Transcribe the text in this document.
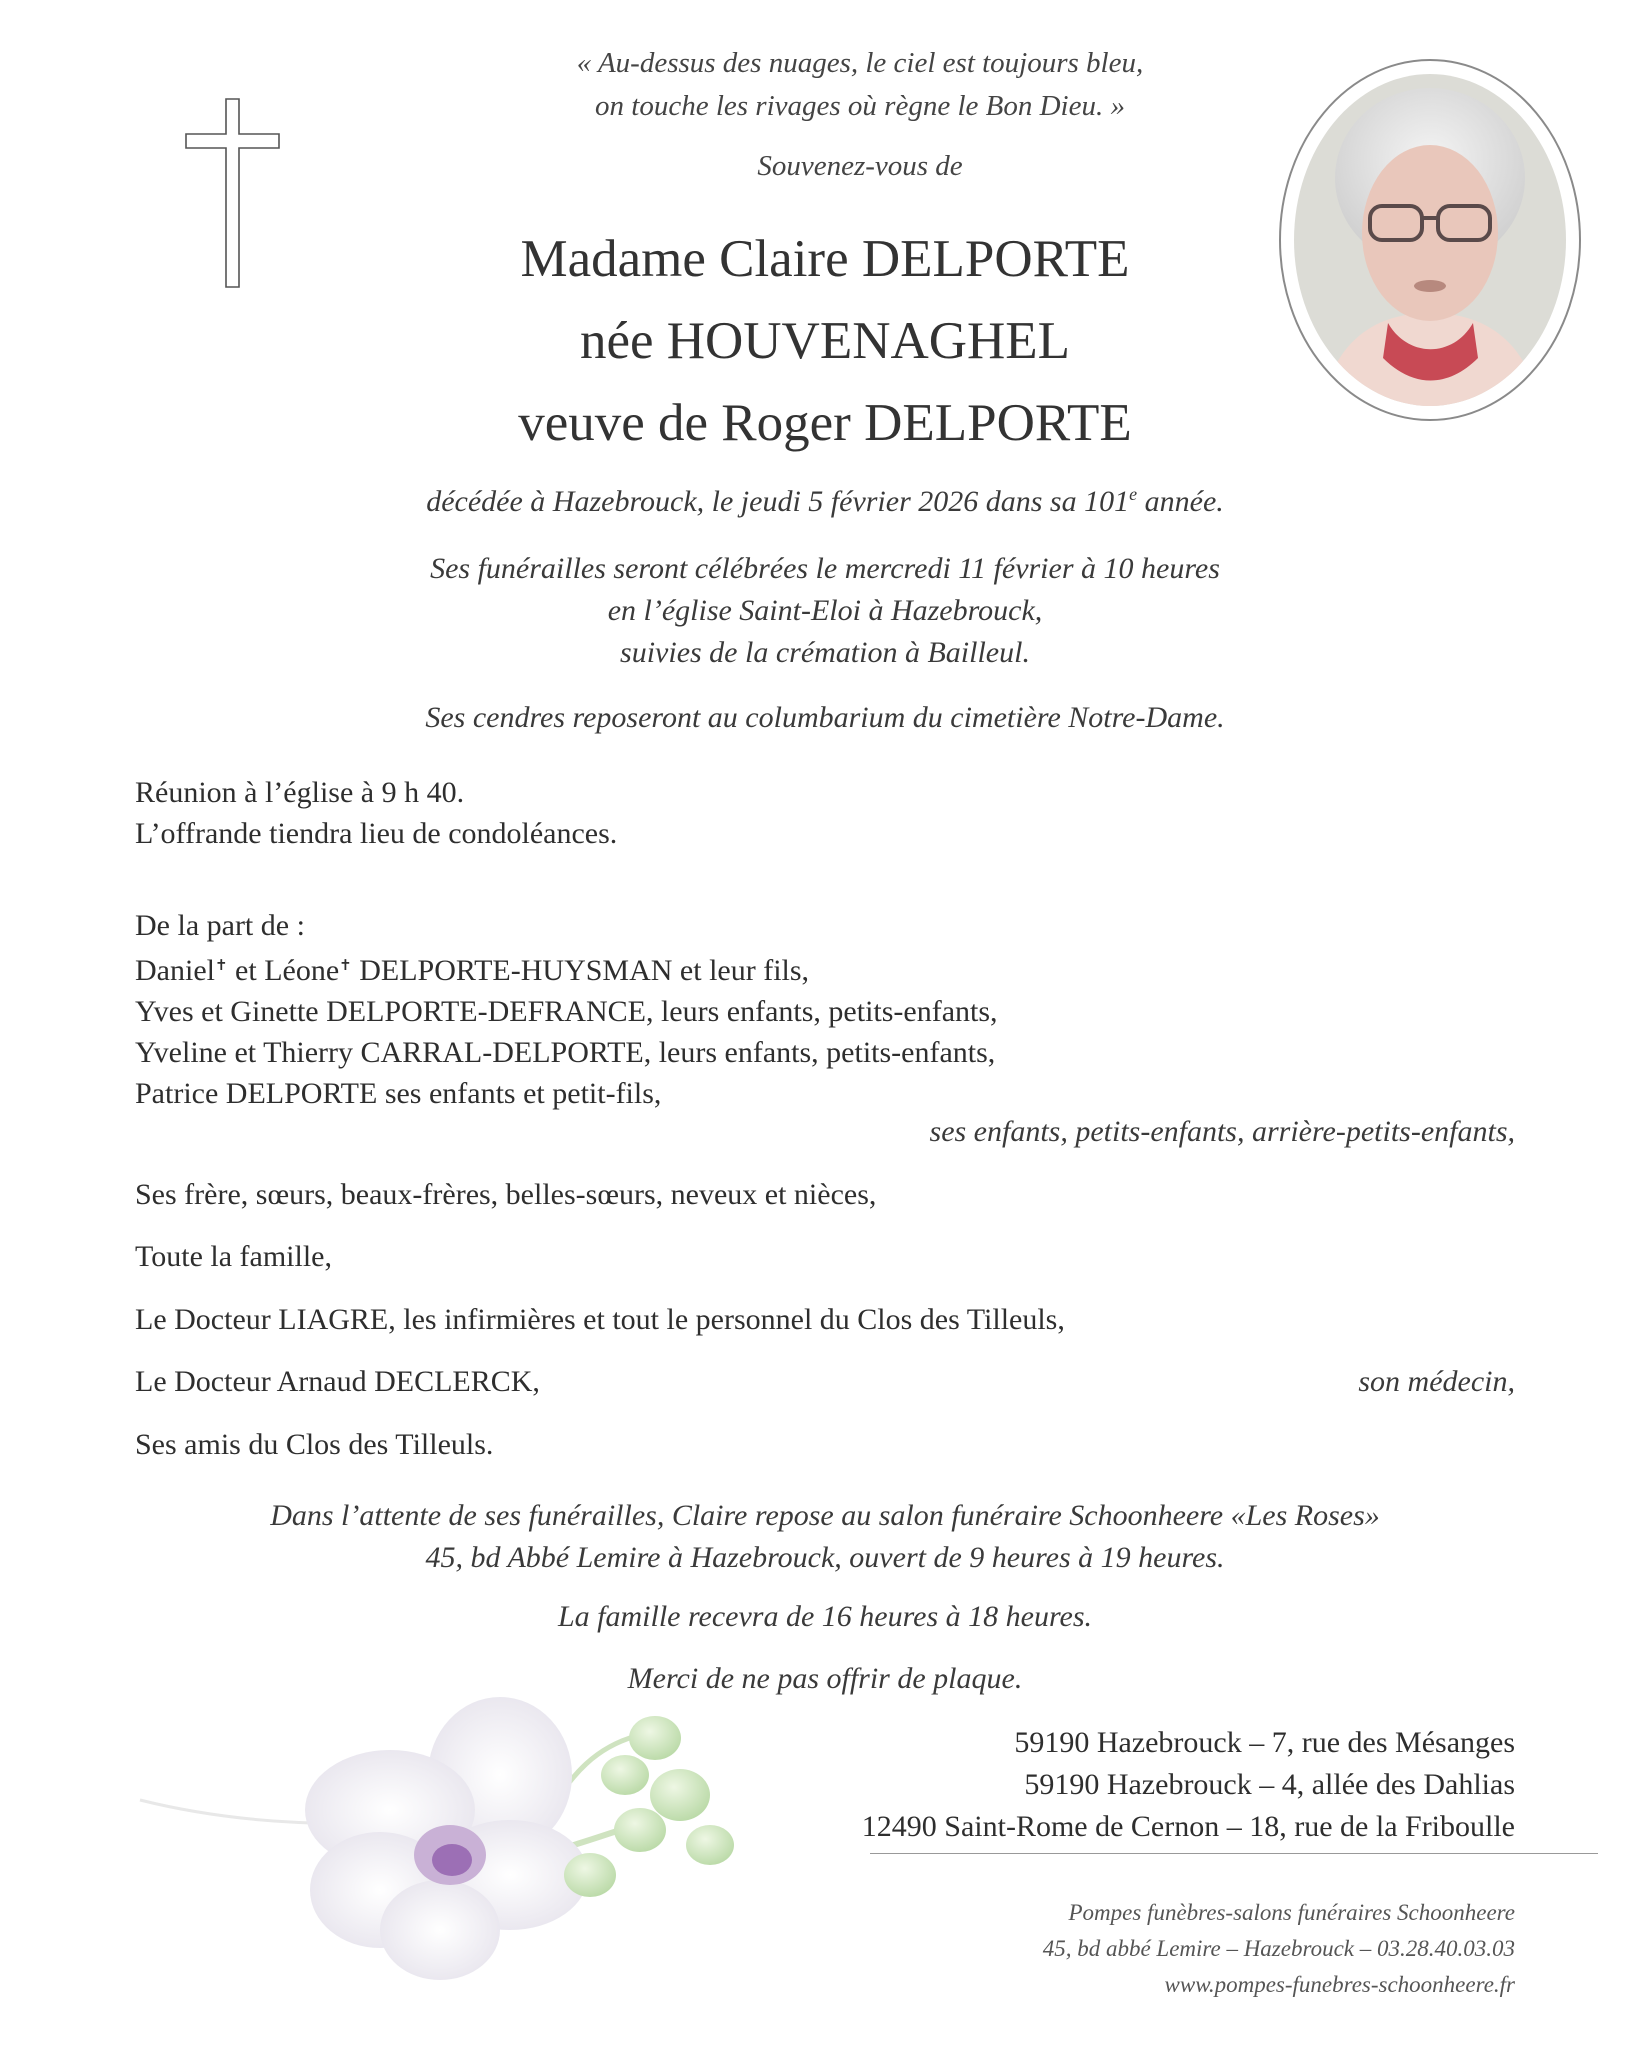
« Au-dessus des nuages, le ciel est toujours bleu,
on touche les rivages où règne le Bon Dieu. »
Souvenez-vous de
Madame Claire DELPORTE
née HOUVENAGHEL
veuve de Roger DELPORTE
décédée à Hazebrouck, le jeudi 5 février 2026 dans sa 101e année.
Ses funérailles seront célébrées le mercredi 11 février à 10 heures
en l’église Saint-Eloi à Hazebrouck,
suivies de la crémation à Bailleul.
Ses cendres reposeront au columbarium du cimetière Notre-Dame.
Réunion à l’église à 9 h 40.
L’offrande tiendra lieu de condoléances.
De la part de :
Daniel✝ et Léone✝ DELPORTE-HUYSMAN et leur fils,
Yves et Ginette DELPORTE-DEFRANCE, leurs enfants, petits-enfants,
Yveline et Thierry CARRAL-DELPORTE, leurs enfants, petits-enfants,
Patrice DELPORTE ses enfants et petit-fils,
ses enfants, petits-enfants, arrière-petits-enfants,
Ses frère, sœurs, beaux-frères, belles-sœurs, neveux et nièces,
Toute la famille,
Le Docteur LIAGRE, les infirmières et tout le personnel du Clos des Tilleuls,
Le Docteur Arnaud DECLERCK,	son médecin,
Ses amis du Clos des Tilleuls.
Dans l’attente de ses funérailles, Claire repose au salon funéraire Schoonheere «Les Roses»
45, bd Abbé Lemire à Hazebrouck, ouvert de 9 heures à 19 heures.
La famille recevra de 16 heures à 18 heures.
Merci de ne pas offrir de plaque.
59190 Hazebrouck – 7, rue des Mésanges
59190 Hazebrouck – 4, allée des Dahlias
12490 Saint-Rome de Cernon – 18, rue de la Friboulle
Pompes funèbres-salons funéraires Schoonheere
45, bd abbé Lemire – Hazebrouck – 03.28.40.03.03
www.pompes-funebres-schoonheere.fr
